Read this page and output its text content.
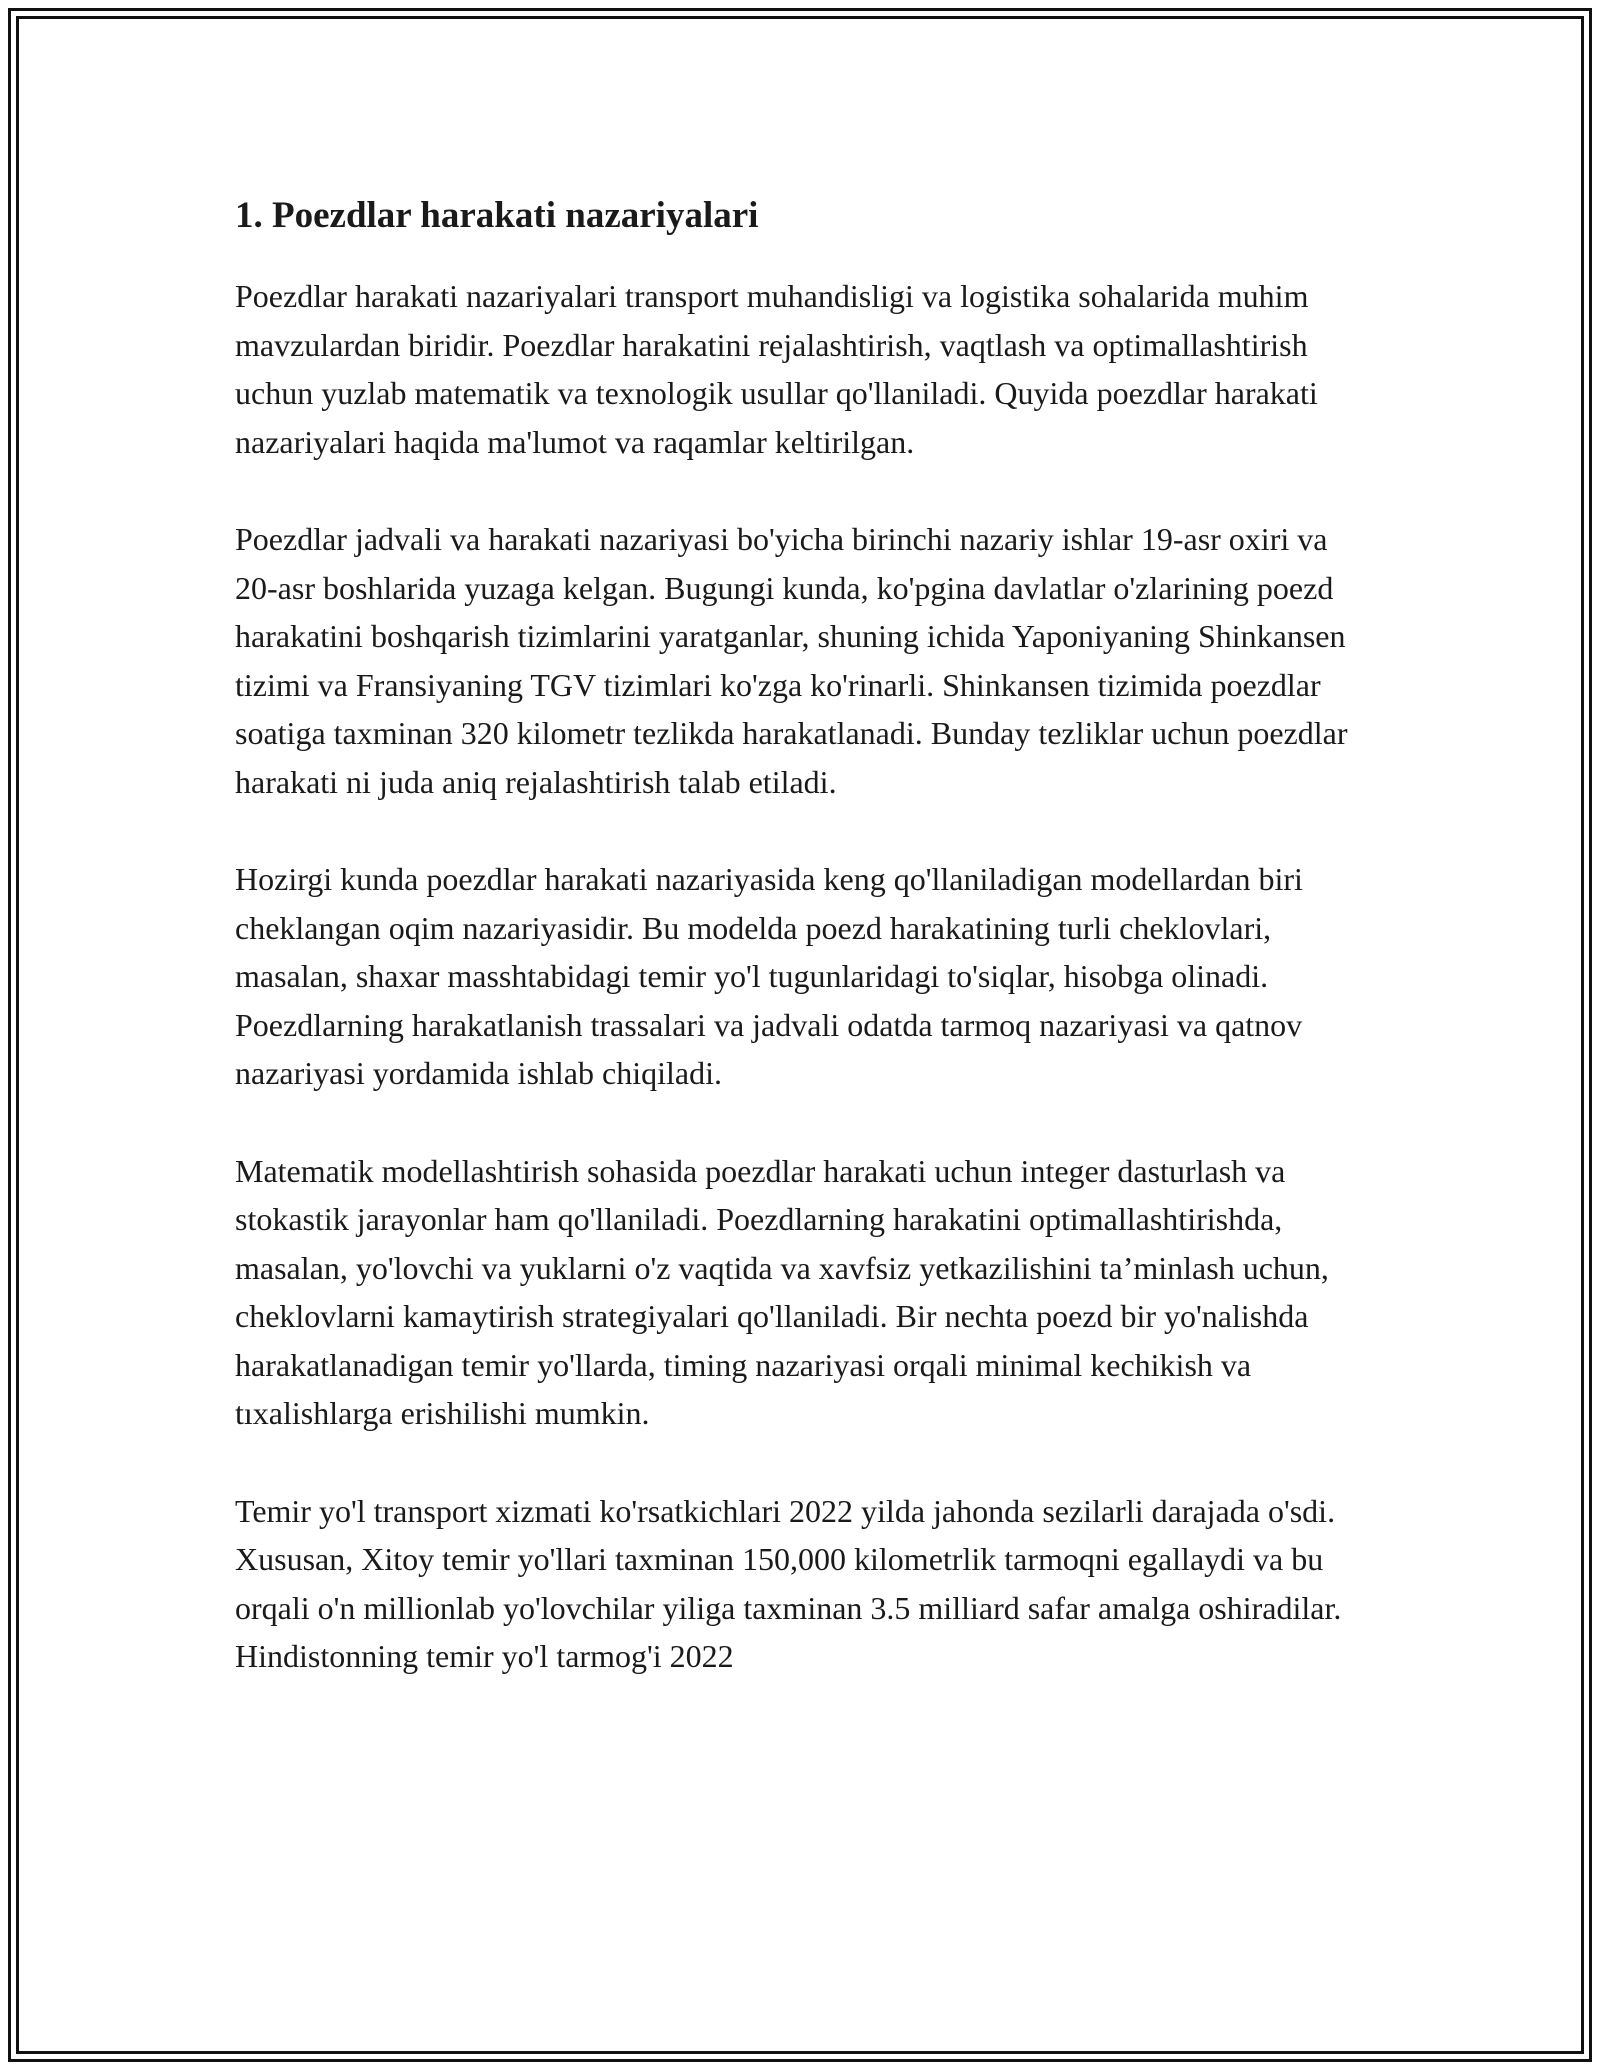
1. Poezdlar harakati nazariyalari

Poezdlar harakati nazariyalari transport muhandisligi va logistika sohalarida muhim mavzulardan biridir. Poezdlar harakatini rejalashtirish, vaqtlash va optimallashtirish uchun yuzlab matematik va texnologik usullar qo'llaniladi. Quyida poezdlar harakati nazariyalari haqida ma'lumot va raqamlar keltirilgan.

Poezdlar jadvali va harakati nazariyasi bo'yicha birinchi nazariy ishlar 19-asr oxiri va 20-asr boshlarida yuzaga kelgan. Bugungi kunda, ko'pgina davlatlar o'zlarining poezd harakatini boshqarish tizimlarini yaratganlar, shuning ichida Yaponiyaning Shinkansen tizimi va Fransiyaning TGV tizimlari ko'zga ko'rinarli. Shinkansen tizimida poezdlar soatiga taxminan 320 kilometr tezlikda harakatlanadi. Bunday tezliklar uchun poezdlar harakati ni juda aniq rejalashtirish talab etiladi.

Hozirgi kunda poezdlar harakati nazariyasida keng qo'llaniladigan modellardan biri cheklangan oqim nazariyasidir. Bu modelda poezd harakatining turli cheklovlari, masalan, shaxar masshtabidagi temir yo'l tugunlaridagi to'siqlar, hisobga olinadi. Poezdlarning harakatlanish trassalari va jadvali odatda tarmoq nazariyasi va qatnov nazariyasi yordamida ishlab chiqiladi.

Matematik modellashtirish sohasida poezdlar harakati uchun integer dasturlash va stokastik jarayonlar ham qo'llaniladi. Poezdlarning harakatini optimallashtirishda, masalan, yo'lovchi va yuklarni o'z vaqtida va xavfsiz yetkazilishini ta’minlash uchun, cheklovlarni kamaytirish strategiyalari qo'llaniladi. Bir nechta poezd bir yo'nalishda harakatlanadigan temir yo'llarda, timing nazariyasi orqali minimal kechikish va tıxalishlarga erishilishi mumkin.

Temir yo'l transport xizmati ko'rsatkichlari 2022 yilda jahonda sezilarli darajada o'sdi. Xususan, Xitoy temir yo'llari taxminan 150,000 kilometrlik tarmoqni egallaydi va bu orqali o'n millionlab yo'lovchilar yiliga taxminan 3.5 milliard safar amalga oshiradilar. Hindistonning temir yo'l tarmog'i 2022
